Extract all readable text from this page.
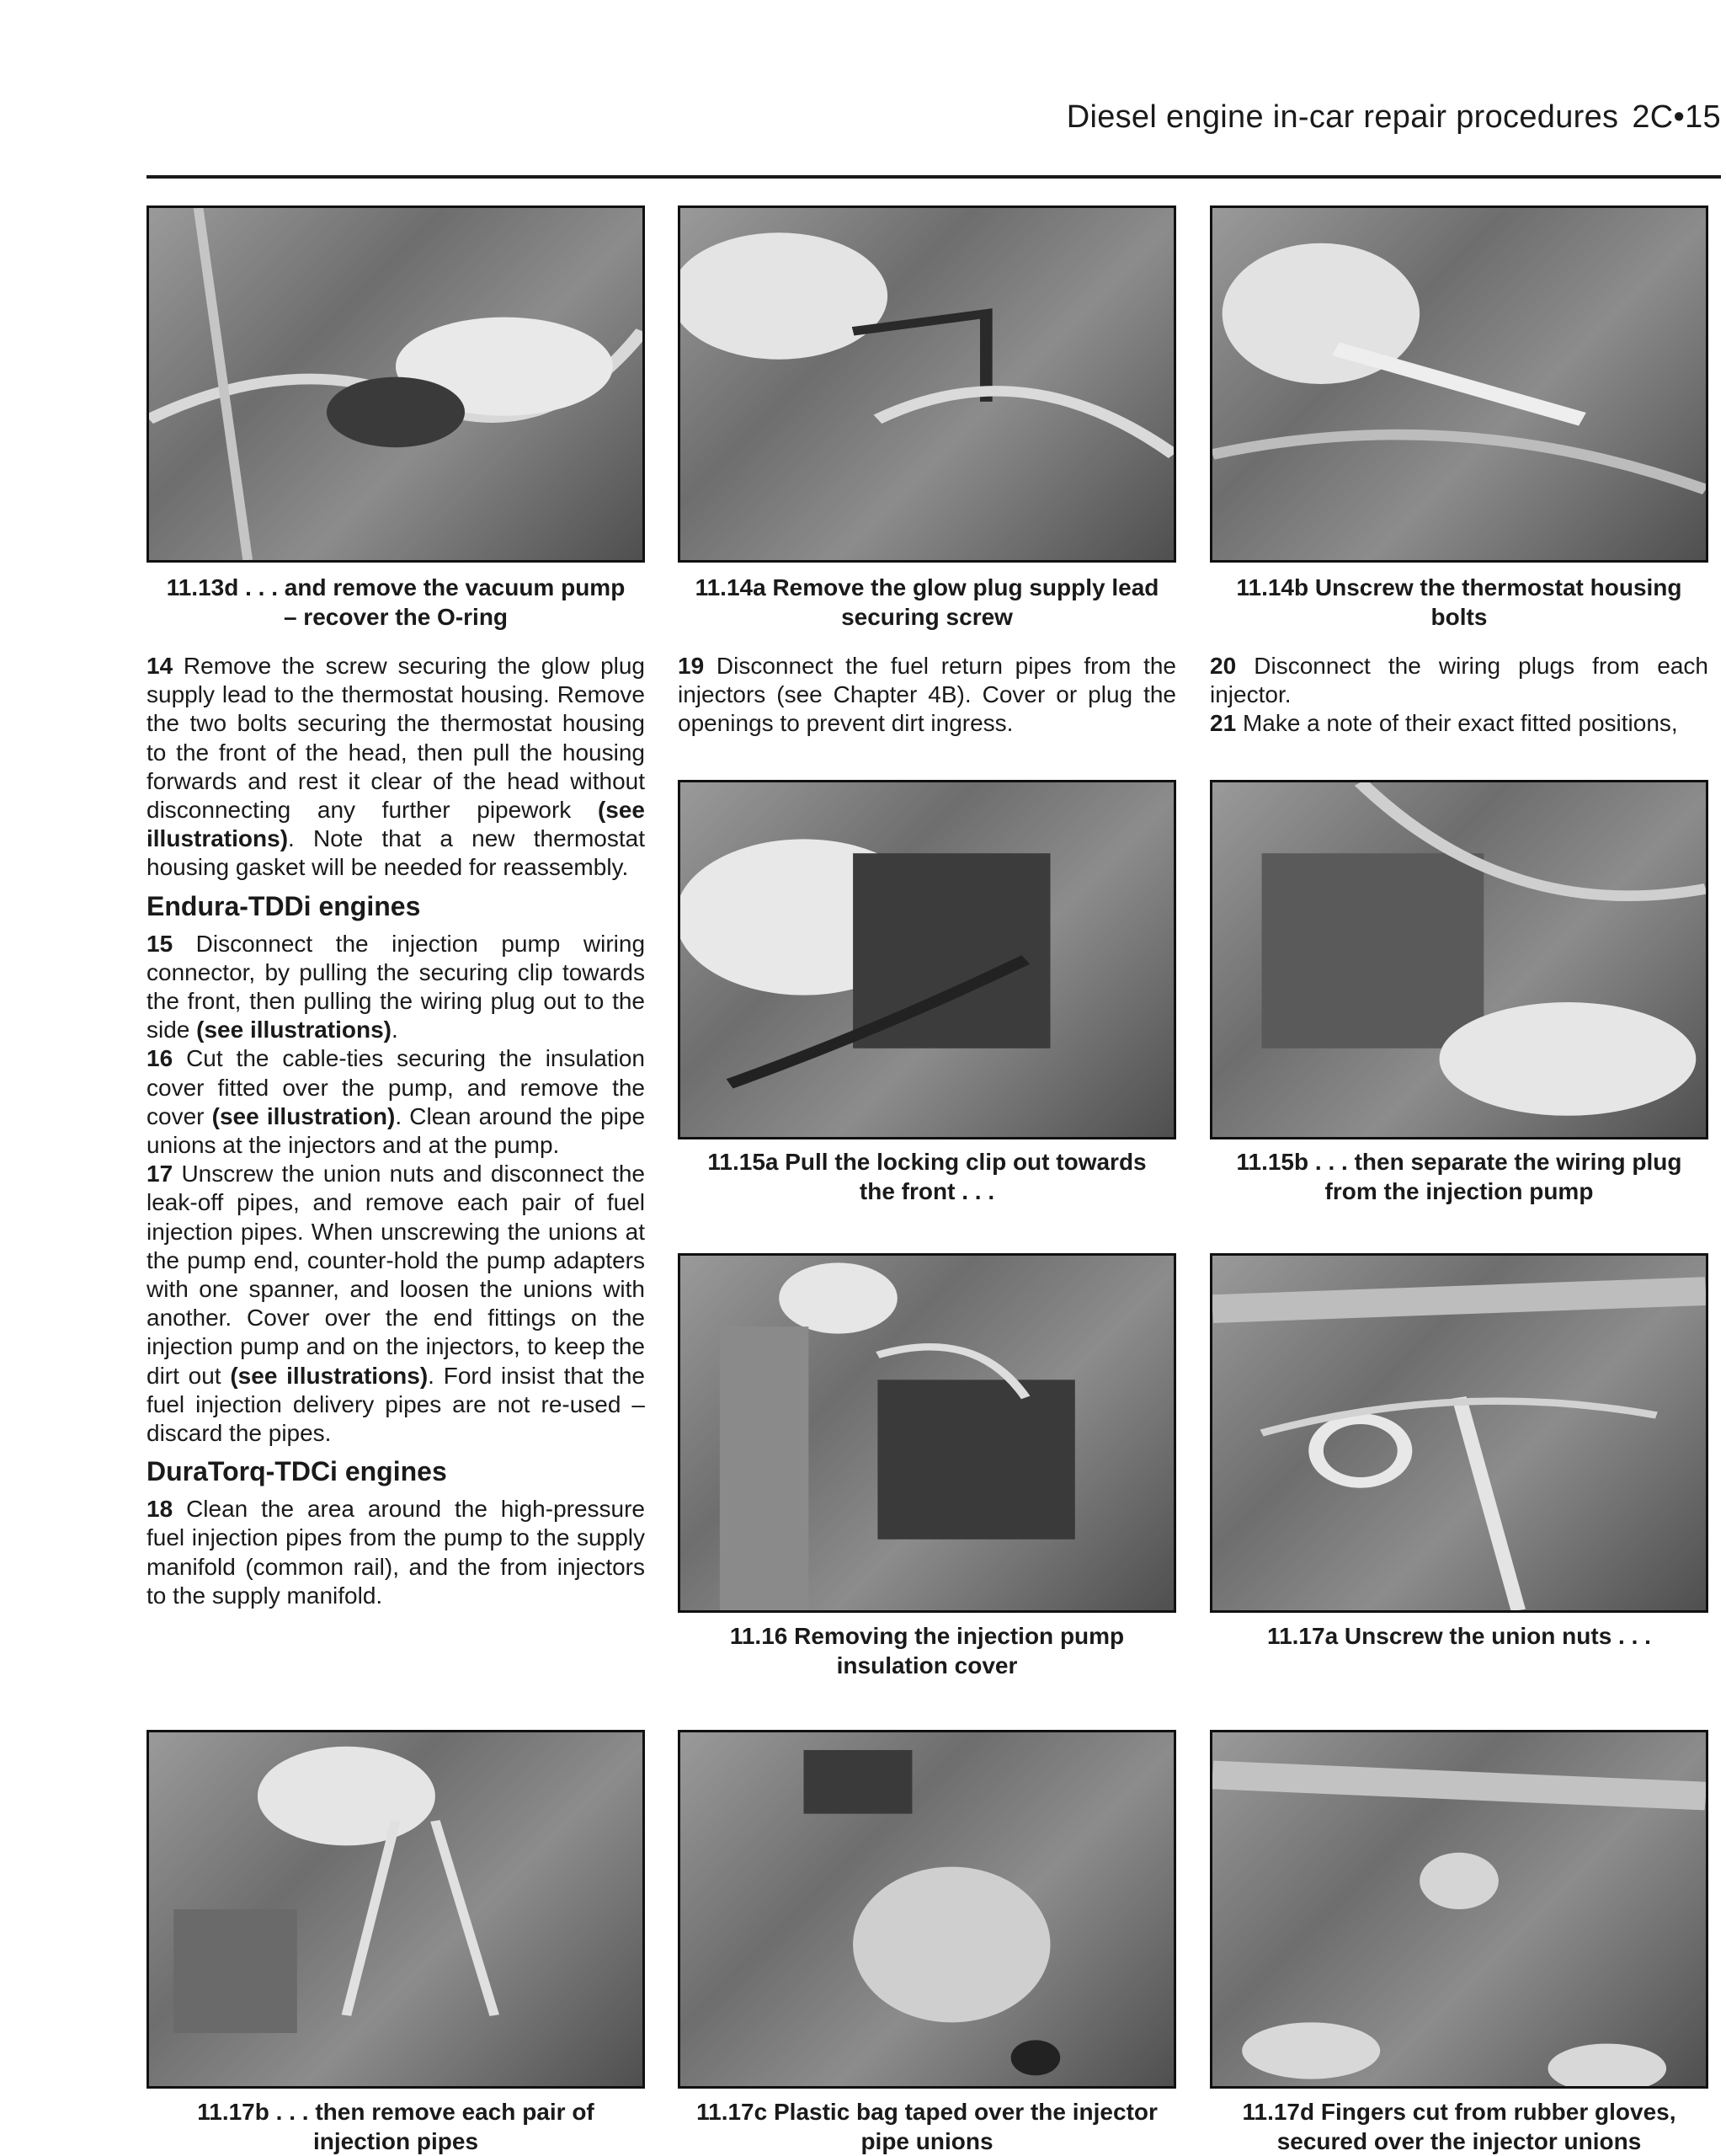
Diesel engine in-car repair procedures 2C•15
11.13d . . . and remove the vacuum pump
– recover the O-ring
11.14a Remove the glow plug supply lead
securing screw
11.14b Unscrew the thermostat housing
bolts

14 Remove the screw securing the glow plug supply lead to the thermostat housing. Remove the two bolts securing the thermostat housing to the front of the head, then pull the housing forwards and rest it clear of the head without disconnecting any further pipework (see illustrations). Note that a new thermostat housing gasket will be needed for reassembly.

Endura-TDDi engines

15 Disconnect the injection pump wiring connector, by pulling the securing clip towards the front, then pulling the wiring plug out to the side (see illustrations).

16 Cut the cable-ties securing the insulation cover fitted over the pump, and remove the cover (see illustration). Clean around the pipe unions at the injectors and at the pump.

17 Unscrew the union nuts and disconnect the leak-off pipes, and remove each pair of fuel injection pipes. When unscrewing the unions at the pump end, counter-hold the pump adapters with one spanner, and loosen the unions with another. Cover over the end fittings on the injection pump and on the injectors, to keep the dirt out (see illustrations). Ford insist that the fuel injection delivery pipes are not re-used – discard the pipes.

DuraTorq-TDCi engines

18 Clean the area around the high-pressure fuel injection pipes from the pump to the supply manifold (common rail), and the from injectors to the supply manifold.

19 Disconnect the fuel return pipes from the injectors (see Chapter 4B). Cover or plug the openings to prevent dirt ingress.

20 Disconnect the wiring plugs from each injector.

21 Make a note of their exact fitted positions,

11.15a Pull the locking clip out towards
the front . . .
11.15b . . . then separate the wiring plug
from the injection pump
11.16 Removing the injection pump
insulation cover
11.17a Unscrew the union nuts . . .
11.17b . . . then remove each pair of
injection pipes
11.17c Plastic bag taped over the injector
pipe unions
11.17d Fingers cut from rubber gloves,
secured over the injector unions
